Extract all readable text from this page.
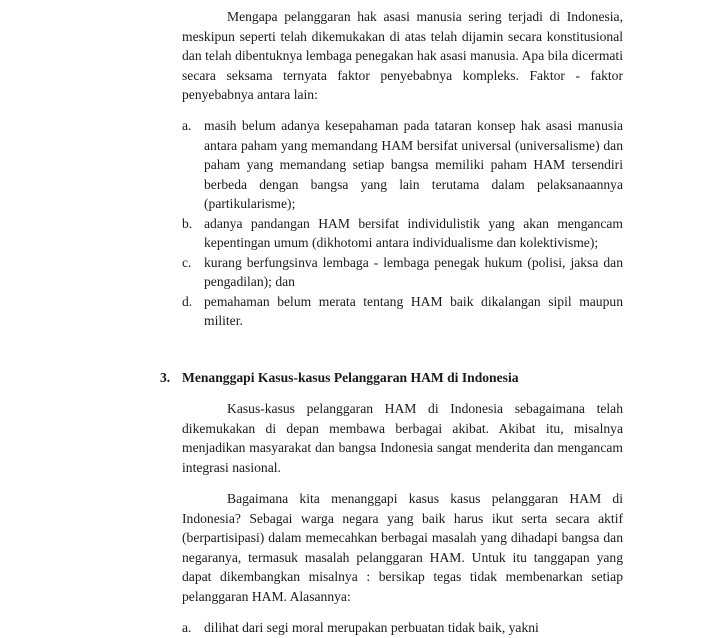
Mengapa pelanggaran hak asasi manusia sering terjadi di Indonesia, meskipun seperti telah dikemukakan di atas telah dijamin secara konstitusional dan telah dibentuknya lembaga penegakan hak asasi manusia. Apa bila dicermati secara seksama ternyata faktor penyebabnya kompleks. Faktor - faktor penyebabnya antara lain:

a. masih belum adanya kesepahaman pada tataran konsep hak asasi manusia antara paham yang memandang HAM bersifat universal (universalisme) dan paham yang memandang setiap bangsa memiliki paham HAM tersendiri berbeda dengan bangsa yang lain terutama dalam pelaksanaannya (partikularisme);
b. adanya pandangan HAM bersifat individulistik yang akan mengancam kepentingan umum (dikhotomi antara individualisme dan kolektivisme);
c. kurang berfungsinva lembaga - lembaga penegak hukum (polisi, jaksa dan pengadilan); dan
d. pemahaman belum merata tentang HAM baik dikalangan sipil maupun militer.
3. Menanggapi Kasus-kasus Pelanggaran HAM di Indonesia

Kasus-kasus pelanggaran HAM di Indonesia sebagaimana telah dikemukakan di depan membawa berbagai akibat. Akibat itu, misalnya menjadikan masyarakat dan bangsa Indonesia sangat menderita dan mengancam integrasi nasional.

Bagaimana kita menanggapi kasus kasus pelanggaran HAM di Indonesia? Sebagai warga negara yang baik harus ikut serta secara aktif (berpartisipasi) dalam memecahkan berbagai masalah yang dihadapi bangsa dan negaranya, termasuk masalah pelanggaran HAM. Untuk itu tanggapan yang dapat dikembangkan misalnya : bersikap tegas tidak membenarkan setiap pelanggaran HAM. Alasannya:

a. dilihat dari segi moral merupakan perbuatan tidak baik, yakni
